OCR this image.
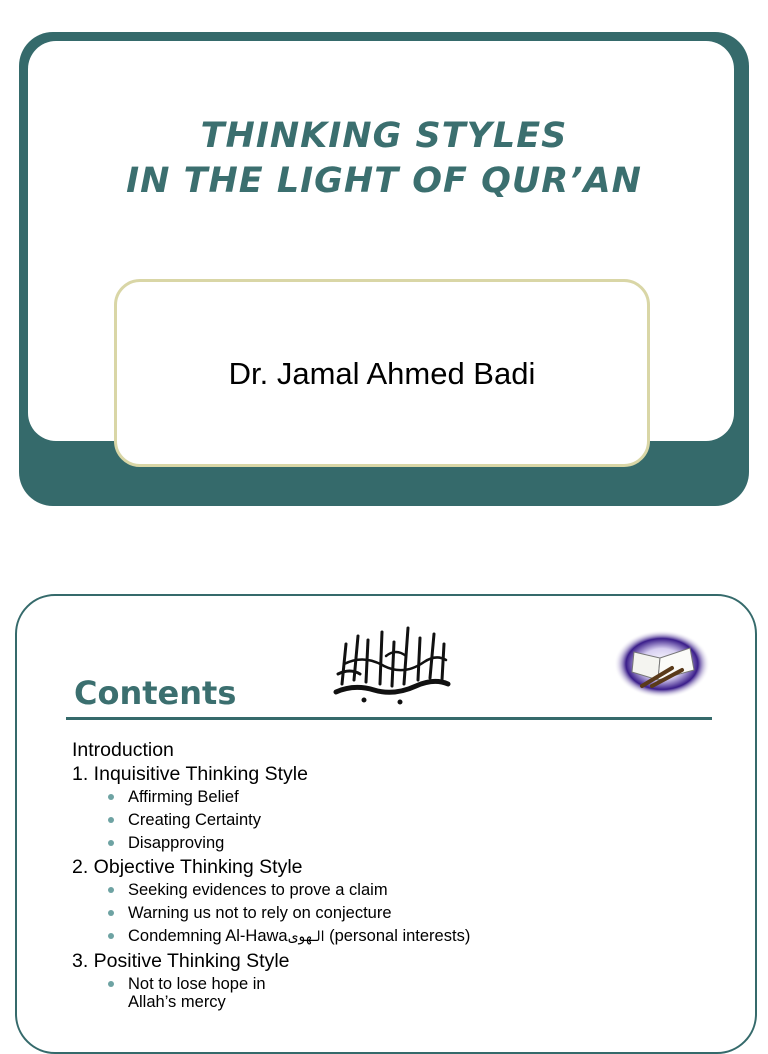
THINKING STYLES
IN THE LIGHT OF QUR’AN

Dr. Jamal Ahmed Badi

Contents
Introduction
1. Inquisitive Thinking Style
Affirming Belief
Creating Certainty
Disapproving
2. Objective Thinking Style
Seeking evidences to prove a claim
Warning us not to rely on conjecture
Condemning Al-Hawaالـهوى (personal interests)
3. Positive Thinking Style
Not to lose hope in
Allah’s mercy
